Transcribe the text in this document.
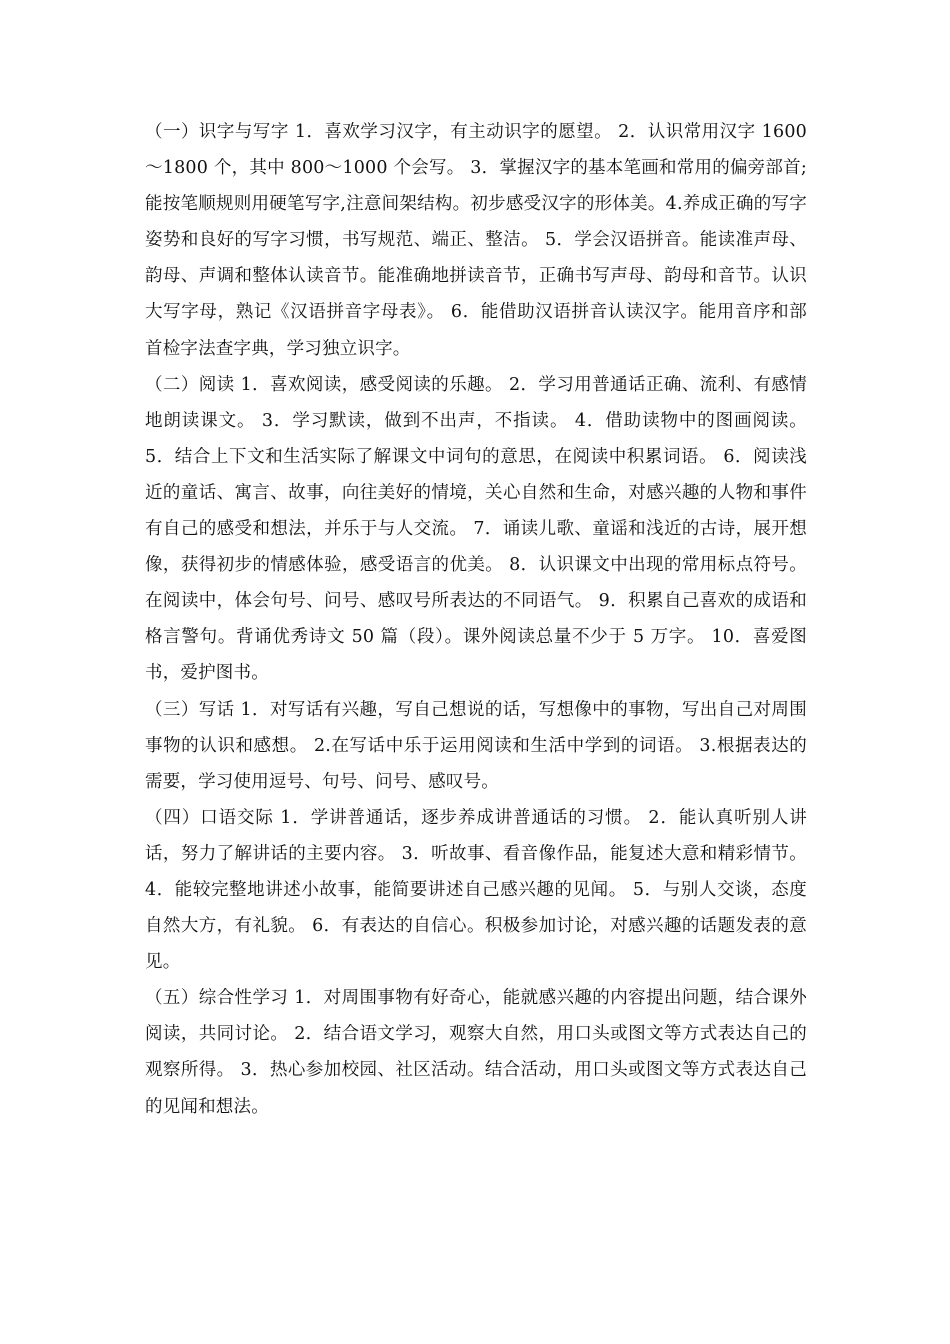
（一）识字与写字 1．喜欢学习汉字，有主动识字的愿望。 2．认识常用汉字 1600～1800 个，其中 800～1000 个会写。 3．掌握汉字的基本笔画和常用的偏旁部首;能按笔顺规则用硬笔写字,注意间架结构。初步感受汉字的形体美。4.养成正确的写字姿势和良好的写字习惯，书写规范、端正、整洁。 5．学会汉语拼音。能读准声母、韵母、声调和整体认读音节。能准确地拼读音节，正确书写声母、韵母和音节。认识大写字母，熟记《汉语拼音字母表》。 6．能借助汉语拼音认读汉字。能用音序和部首检字法查字典，学习独立识字。

（二）阅读 1．喜欢阅读，感受阅读的乐趣。 2．学习用普通话正确、流利、有感情地朗读课文。 3．学习默读，做到不出声，不指读。 4．借助读物中的图画阅读。 5．结合上下文和生活实际了解课文中词句的意思，在阅读中积累词语。 6．阅读浅近的童话、寓言、故事，向往美好的情境，关心自然和生命，对感兴趣的人物和事件有自己的感受和想法，并乐于与人交流。 7．诵读儿歌、童谣和浅近的古诗，展开想像，获得初步的情感体验，感受语言的优美。 8．认识课文中出现的常用标点符号。在阅读中，体会句号、问号、感叹号所表达的不同语气。 9．积累自己喜欢的成语和格言警句。背诵优秀诗文 50 篇（段）。课外阅读总量不少于 5 万字。 10．喜爱图书，爱护图书。

（三）写话 1．对写话有兴趣，写自己想说的话，写想像中的事物，写出自己对周围事物的认识和感想。 2.在写话中乐于运用阅读和生活中学到的词语。 3.根据表达的需要，学习使用逗号、句号、问号、感叹号。

（四）口语交际 1．学讲普通话，逐步养成讲普通话的习惯。 2．能认真听别人讲话，努力了解讲话的主要内容。 3．听故事、看音像作品，能复述大意和精彩情节。 4．能较完整地讲述小故事，能简要讲述自己感兴趣的见闻。 5．与别人交谈，态度自然大方，有礼貌。 6．有表达的自信心。积极参加讨论，对感兴趣的话题发表的意见。

（五）综合性学习 1．对周围事物有好奇心，能就感兴趣的内容提出问题，结合课外阅读，共同讨论。 2．结合语文学习，观察大自然，用口头或图文等方式表达自己的观察所得。 3．热心参加校园、社区活动。结合活动，用口头或图文等方式表达自己的见闻和想法。
